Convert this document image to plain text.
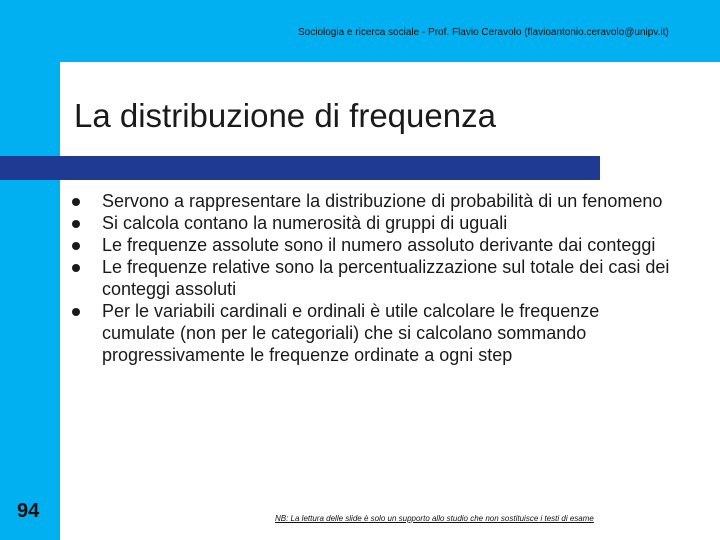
Sociologia e ricerca sociale - Prof. Flavio Ceravolo (flavioantonio.ceravolo@unipv.it)
La distribuzione di frequenza
Servono a rappresentare la distribuzione di probabilità di un fenomeno
Si calcola contano la numerosità di gruppi di uguali
Le frequenze assolute sono il numero assoluto derivante dai conteggi
Le frequenze relative sono la percentualizzazione sul totale dei casi dei conteggi assoluti
Per le variabili cardinali e ordinali è utile calcolare le frequenze cumulate (non per le categoriali) che si calcolano sommando progressivamente le frequenze ordinate a ogni step
94	NB: La lettura delle slide è solo un supporto allo studio che non sostituisce i testi di esame
